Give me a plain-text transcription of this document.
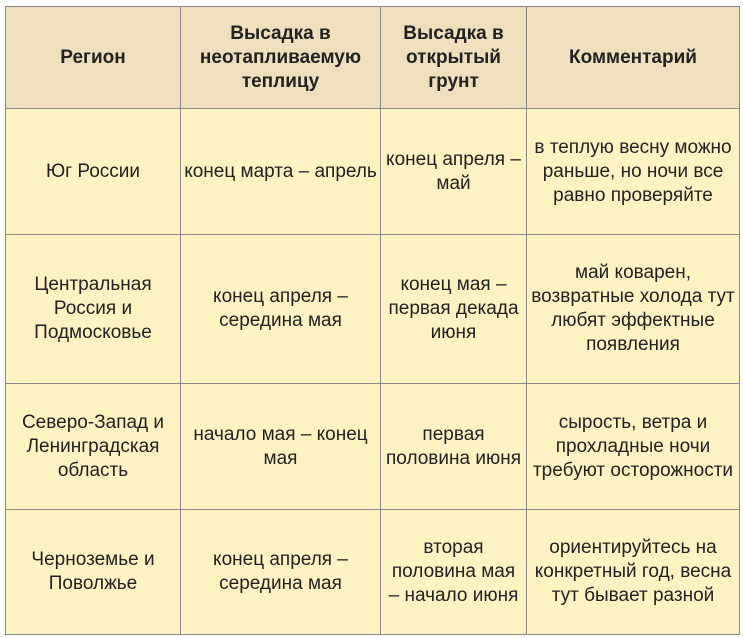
Регион	Высадка в неотапливаемую теплицу	Высадка в открытый грунт	Комментарий
Юг России	конец марта – апрель	конец апреля – май	в теплую весну можно раньше, но ночи все равно проверяйте
Центральная Россия и Подмосковье	конец апреля – середина мая	конец мая – первая декада июня	май коварен, возвратные холода тут любят эффектные появления
Северо-Запад и Ленинградская область	начало мая – конец мая	первая половина июня	сырость, ветра и прохладные ночи требуют осторожности
Черноземье и Поволжье	конец апреля – середина мая	вторая половина мая – начало июня	ориентируйтесь на конкретный год, весна тут бывает разной
